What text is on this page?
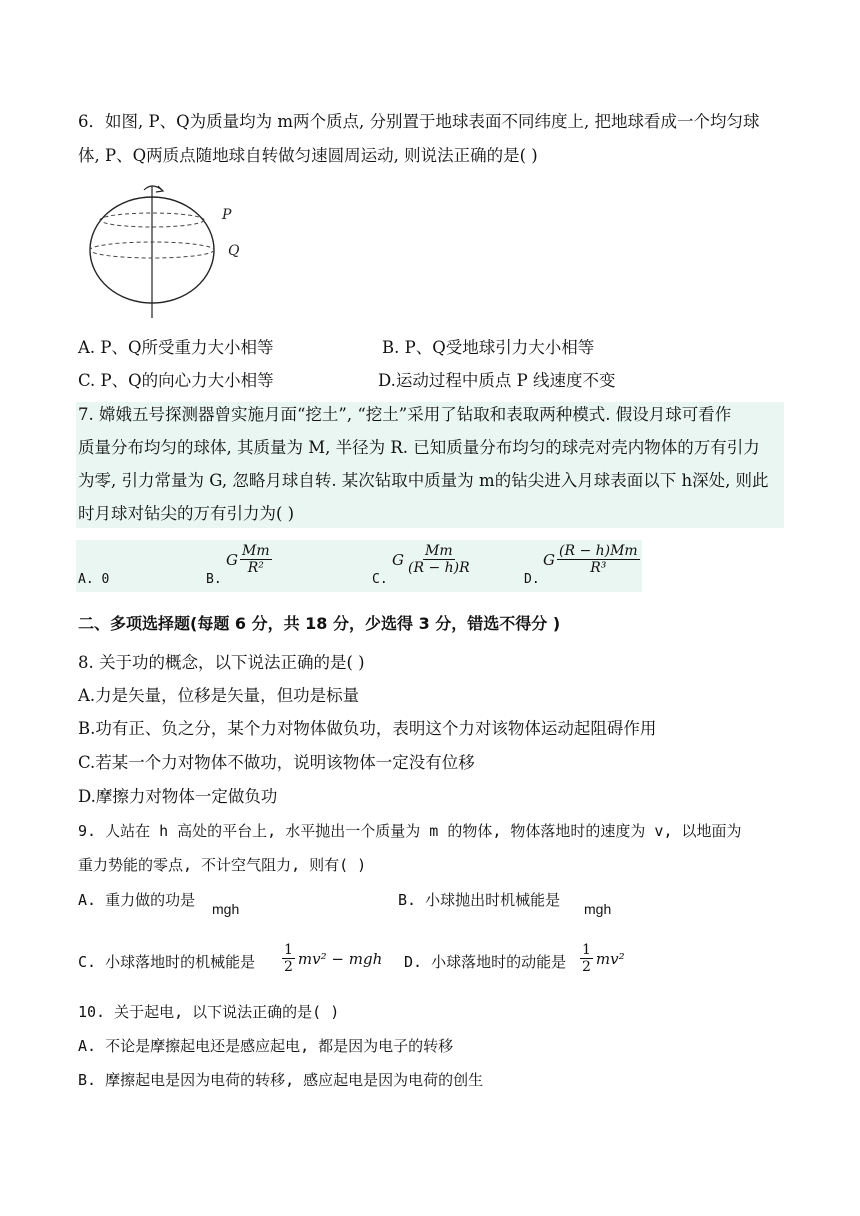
6．如图, P、Q为质量均为 m两个质点, 分别置于地球表面不同纬度上, 把地球看成一个均匀球
体, P、Q两质点随地球自转做匀速圆周运动, 则说法正确的是( )
P
Q
A. P、Q所受重力大小相等	B. P、Q受地球引力大小相等
C. P、Q的向心力大小相等	D.运动过程中质点 P 线速度不变
7. 嫦娥五号探测器曾实施月面“挖土”, “挖土”采用了钻取和表取两种模式. 假设月球可看作
质量分布均匀的球体, 其质量为 M, 半径为 R. 已知质量分布均匀的球壳对壳内物体的万有引力
为零, 引力常量为 G, 忽略月球自转. 某次钻取中质量为 m的钻尖进入月球表面以下 h深处, 则此
时月球对钻尖的万有引力为( )
A. 0	B.
G $\frac{Mm}{\text{R²}}$
C.
G $\frac{Mm}{(R - h)R}$
D.
G $\frac{(R - h)Mm}{\text{R³}}$
二、多项选择题(每题 6 分，共 18 分，少选得 3 分，错选不得分 )
8. 关于功的概念，以下说法正确的是( )
A.力是矢量，位移是矢量，但功是标量
B.功有正、负之分，某个力对物体做负功，表明这个力对该物体运动起阻碍作用
C.若某一个力对物体不做功，说明该物体一定没有位移
D.摩擦力对物体一定做负功
9. 人站在 h 高处的平台上, 水平抛出一个质量为 m 的物体, 物体落地时的速度为 v, 以地面为
重力势能的零点, 不计空气阻力, 则有( )
A. 重力做的功是 mgh	B. 小球抛出时机械能是 mgh
C. 小球落地时的机械能是 $\frac{1}{2} mv^2$ − mgh D. 小球落地时的动能是 $\frac{1}{2} mv^2$
10. 关于起电, 以下说法正确的是( )
A. 不论是摩擦起电还是感应起电, 都是因为电子的转移
B. 摩擦起电是因为电荷的转移, 感应起电是因为电荷的创生
